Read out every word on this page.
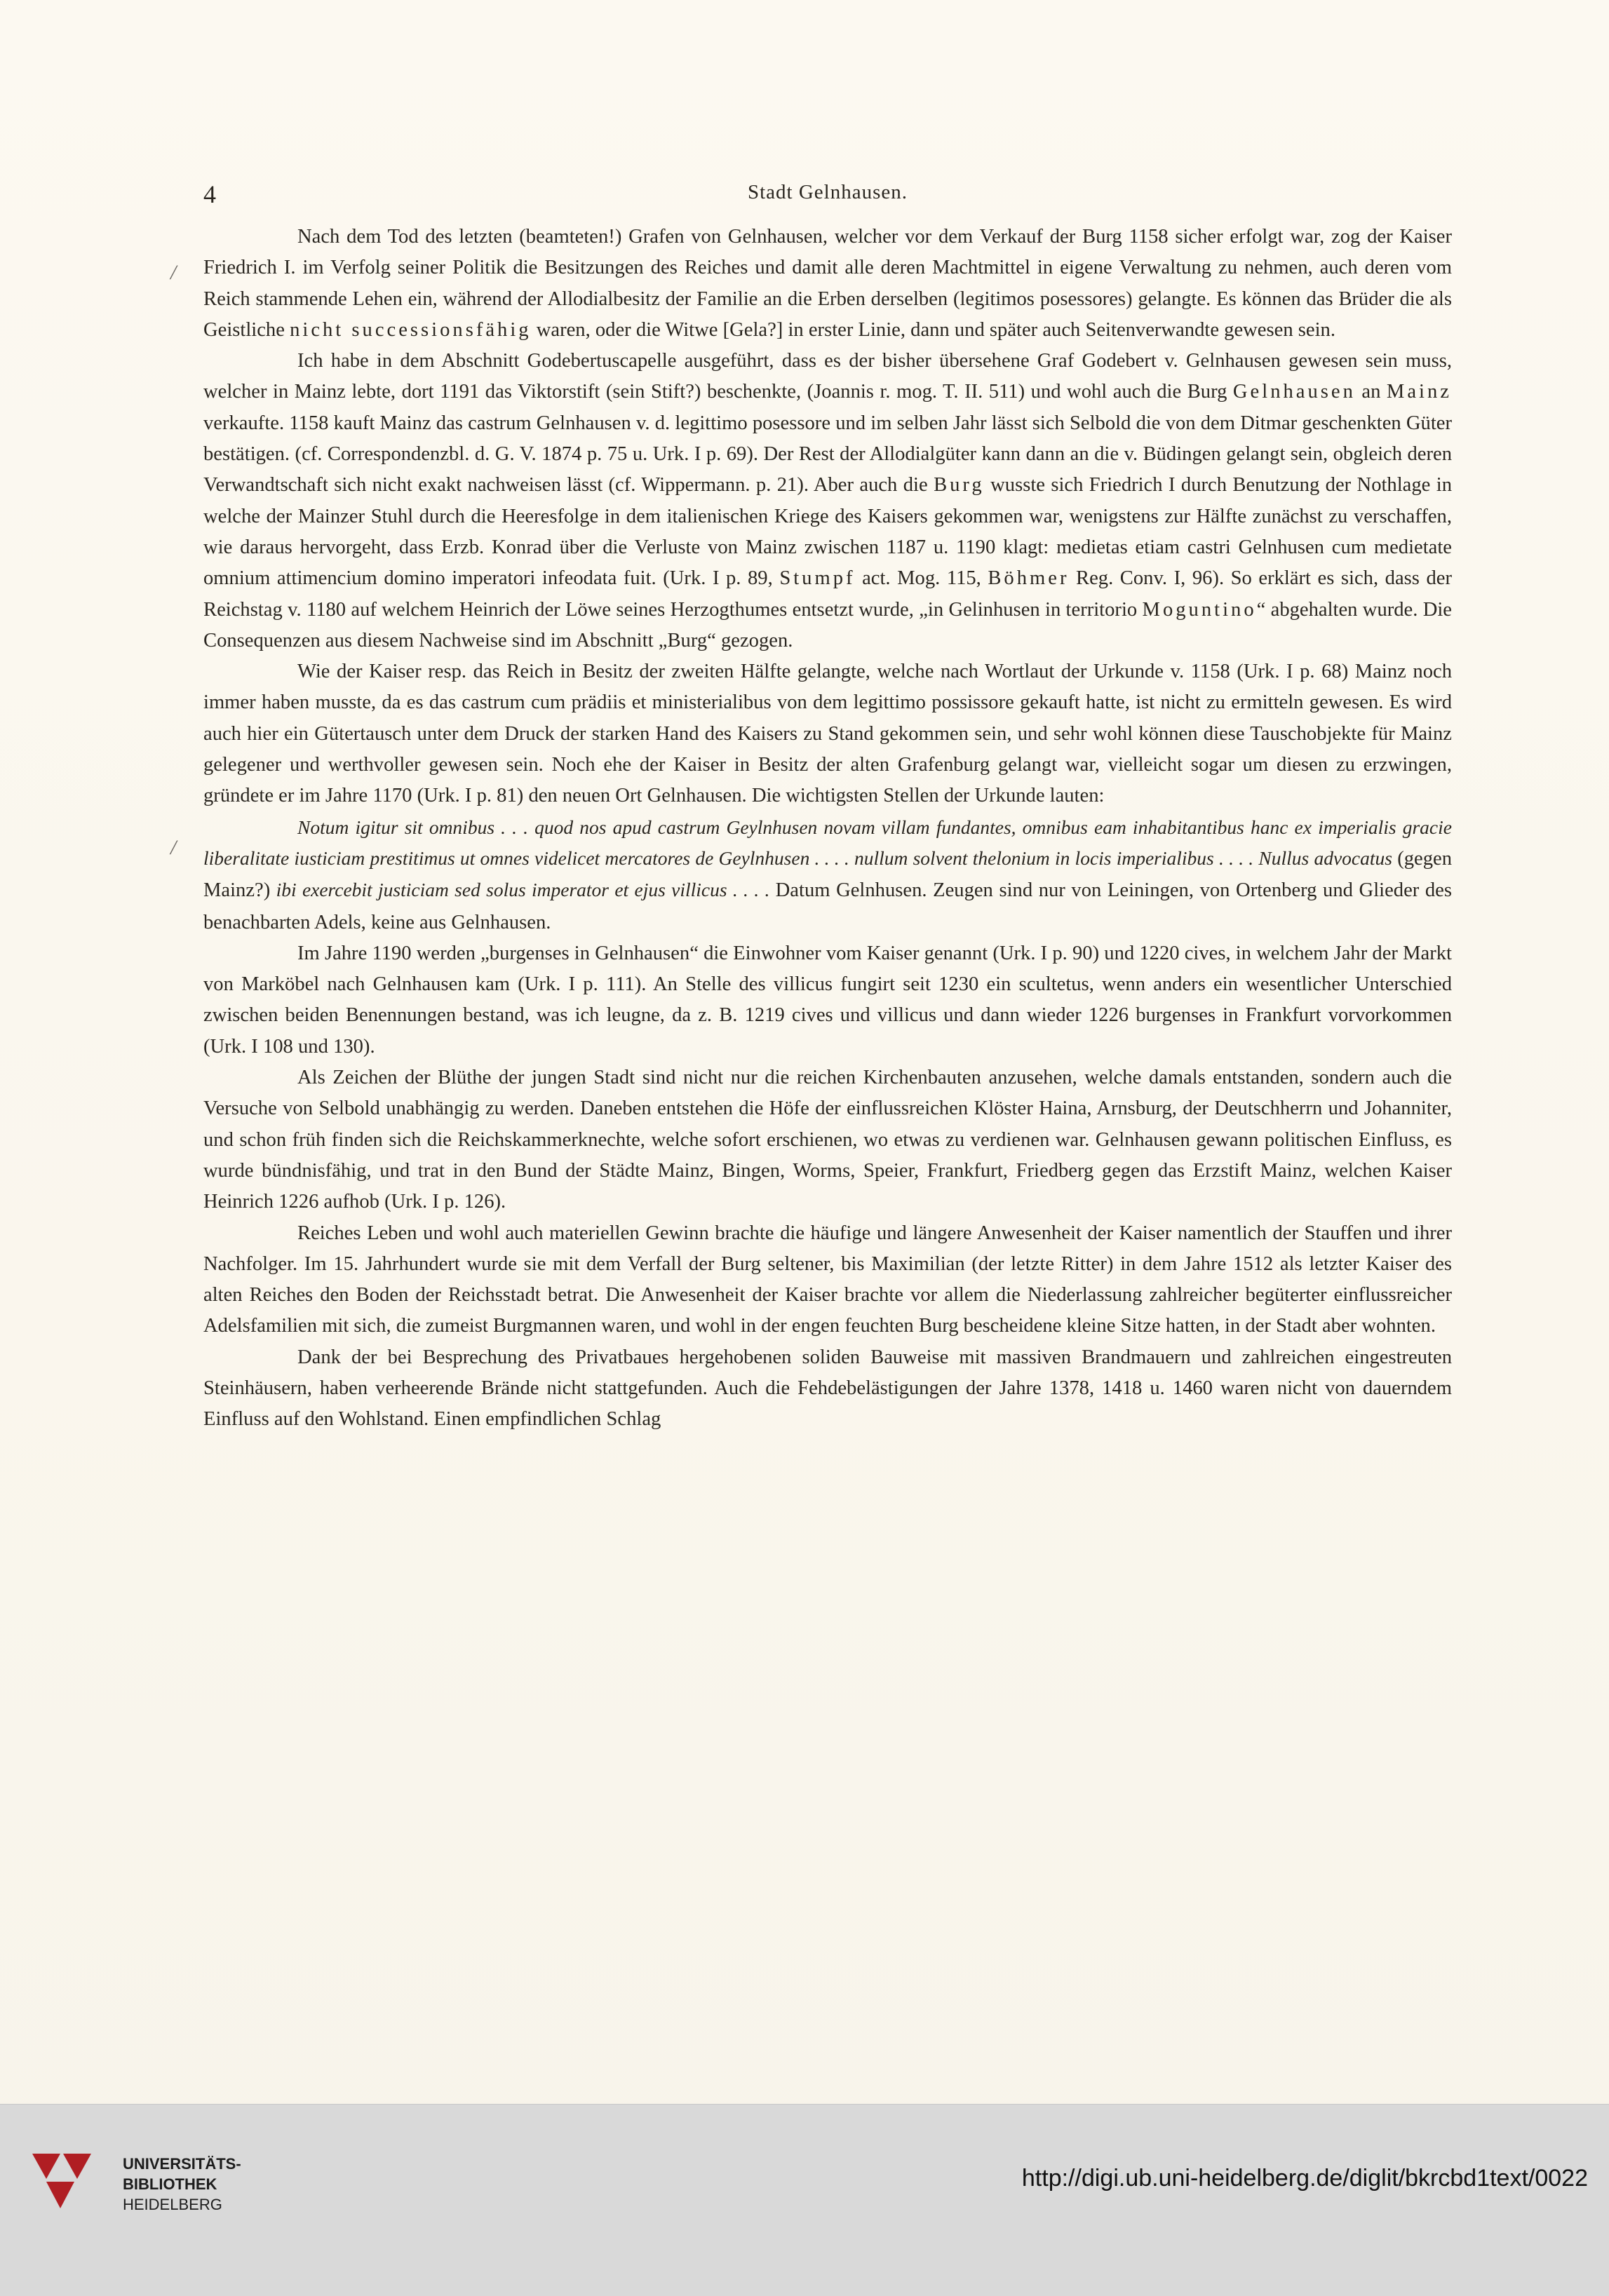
4	Stadt Gelnhausen.
/
/

Nach dem Tod des letzten (beamteten!) Grafen von Gelnhausen, welcher vor dem Verkauf der Burg 1158 sicher erfolgt war, zog der Kaiser Friedrich I. im Verfolg seiner Politik die Besitzungen des Reiches und damit alle deren Machtmittel in eigene Verwaltung zu nehmen, auch deren vom Reich stammende Lehen ein, während der Allodialbesitz der Familie an die Erben derselben (legitimos posessores) gelangte. Es können das Brüder die als Geistliche nicht successionsfähig waren, oder die Witwe [Gela?] in erster Linie, dann und später auch Seitenverwandte gewesen sein.

Ich habe in dem Abschnitt Godebertuscapelle ausgeführt, dass es der bisher übersehene Graf Godebert v. Gelnhausen gewesen sein muss, welcher in Mainz lebte, dort 1191 das Viktorstift (sein Stift?) beschenkte, (Joannis r. mog. T. II. 511) und wohl auch die Burg Gelnhausen an Mainz verkaufte. 1158 kauft Mainz das castrum Gelnhausen v. d. legittimo posessore und im selben Jahr lässt sich Selbold die von dem Ditmar geschenkten Güter bestätigen. (cf. Correspondenzbl. d. G. V. 1874 p. 75 u. Urk. I p. 69). Der Rest der Allodialgüter kann dann an die v. Büdingen gelangt sein, obgleich deren Verwandtschaft sich nicht exakt nachweisen lässt (cf. Wippermann. p. 21). Aber auch die Burg wusste sich Friedrich I durch Benutzung der Nothlage in welche der Mainzer Stuhl durch die Heeresfolge in dem italienischen Kriege des Kaisers gekommen war, wenigstens zur Hälfte zunächst zu verschaffen, wie daraus hervorgeht, dass Erzb. Konrad über die Verluste von Mainz zwischen 1187 u. 1190 klagt: medietas etiam castri Gelnhusen cum medietate omnium attimencium domino imperatori infeodata fuit. (Urk. I p. 89, Stumpf act. Mog. 115, Böhmer Reg. Conv. I, 96). So erklärt es sich, dass der Reichstag v. 1180 auf welchem Heinrich der Löwe seines Herzogthumes entsetzt wurde, „in Gelinhusen in territorio Moguntino“ abgehalten wurde. Die Consequenzen aus diesem Nachweise sind im Abschnitt „Burg“ gezogen.

Wie der Kaiser resp. das Reich in Besitz der zweiten Hälfte gelangte, welche nach Wortlaut der Urkunde v. 1158 (Urk. I p. 68) Mainz noch immer haben musste, da es das castrum cum prädiis et ministerialibus von dem legittimo possissore gekauft hatte, ist nicht zu ermitteln gewesen. Es wird auch hier ein Gütertausch unter dem Druck der starken Hand des Kaisers zu Stand gekommen sein, und sehr wohl können diese Tauschobjekte für Mainz gelegener und werthvoller gewesen sein. Noch ehe der Kaiser in Besitz der alten Grafenburg gelangt war, vielleicht sogar um diesen zu erzwingen, gründete er im Jahre 1170 (Urk. I p. 81) den neuen Ort Gelnhausen. Die wichtigsten Stellen der Urkunde lauten:

Notum igitur sit omnibus . . . quod nos apud castrum Geylnhusen novam villam fundantes, omnibus eam inhabitantibus hanc ex imperialis gracie liberalitate iusticiam prestitimus ut omnes videlicet mercatores de Geylnhusen . . . . nullum solvent thelonium in locis imperialibus . . . . Nullus advocatus (gegen Mainz?) ibi exercebit justiciam sed solus imperator et ejus villicus . . . . Datum Gelnhusen. Zeugen sind nur von Leiningen, von Ortenberg und Glieder des benachbarten Adels, keine aus Gelnhausen.

Im Jahre 1190 werden „burgenses in Gelnhausen“ die Einwohner vom Kaiser genannt (Urk. I p. 90) und 1220 cives, in welchem Jahr der Markt von Marköbel nach Gelnhausen kam (Urk. I p. 111). An Stelle des villicus fungirt seit 1230 ein scultetus, wenn anders ein wesentlicher Unterschied zwischen beiden Benennungen bestand, was ich leugne, da z. B. 1219 cives und villicus und dann wieder 1226 burgenses in Frankfurt vorvorkommen (Urk. I 108 und 130).

Als Zeichen der Blüthe der jungen Stadt sind nicht nur die reichen Kirchenbauten anzusehen, welche damals entstanden, sondern auch die Versuche von Selbold unabhängig zu werden. Daneben entstehen die Höfe der einflussreichen Klöster Haina, Arnsburg, der Deutschherrn und Johanniter, und schon früh finden sich die Reichskammerknechte, welche sofort erschienen, wo etwas zu verdienen war. Gelnhausen gewann politischen Einfluss, es wurde bündnisfähig, und trat in den Bund der Städte Mainz, Bingen, Worms, Speier, Frankfurt, Friedberg gegen das Erzstift Mainz, welchen Kaiser Heinrich 1226 aufhob (Urk. I p. 126).

Reiches Leben und wohl auch materiellen Gewinn brachte die häufige und längere Anwesenheit der Kaiser namentlich der Stauffen und ihrer Nachfolger. Im 15. Jahrhundert wurde sie mit dem Verfall der Burg seltener, bis Maximilian (der letzte Ritter) in dem Jahre 1512 als letzter Kaiser des alten Reiches den Boden der Reichsstadt betrat. Die Anwesenheit der Kaiser brachte vor allem die Niederlassung zahlreicher begüterter einflussreicher Adelsfamilien mit sich, die zumeist Burgmannen waren, und wohl in der engen feuchten Burg bescheidene kleine Sitze hatten, in der Stadt aber wohnten.

Dank der bei Besprechung des Privatbaues hergehobenen soliden Bauweise mit massiven Brandmauern und zahlreichen eingestreuten Steinhäusern, haben verheerende Brände nicht stattgefunden. Auch die Fehdebelästigungen der Jahre 1378, 1418 u. 1460 waren nicht von dauerndem Einfluss auf den Wohlstand. Einen empfindlichen Schlag

UNIVERSITÄTS-
BIBLIOTHEK
HEIDELBERG
http://digi.ub.uni-heidelberg.de/diglit/bkrcbd1text/0022
